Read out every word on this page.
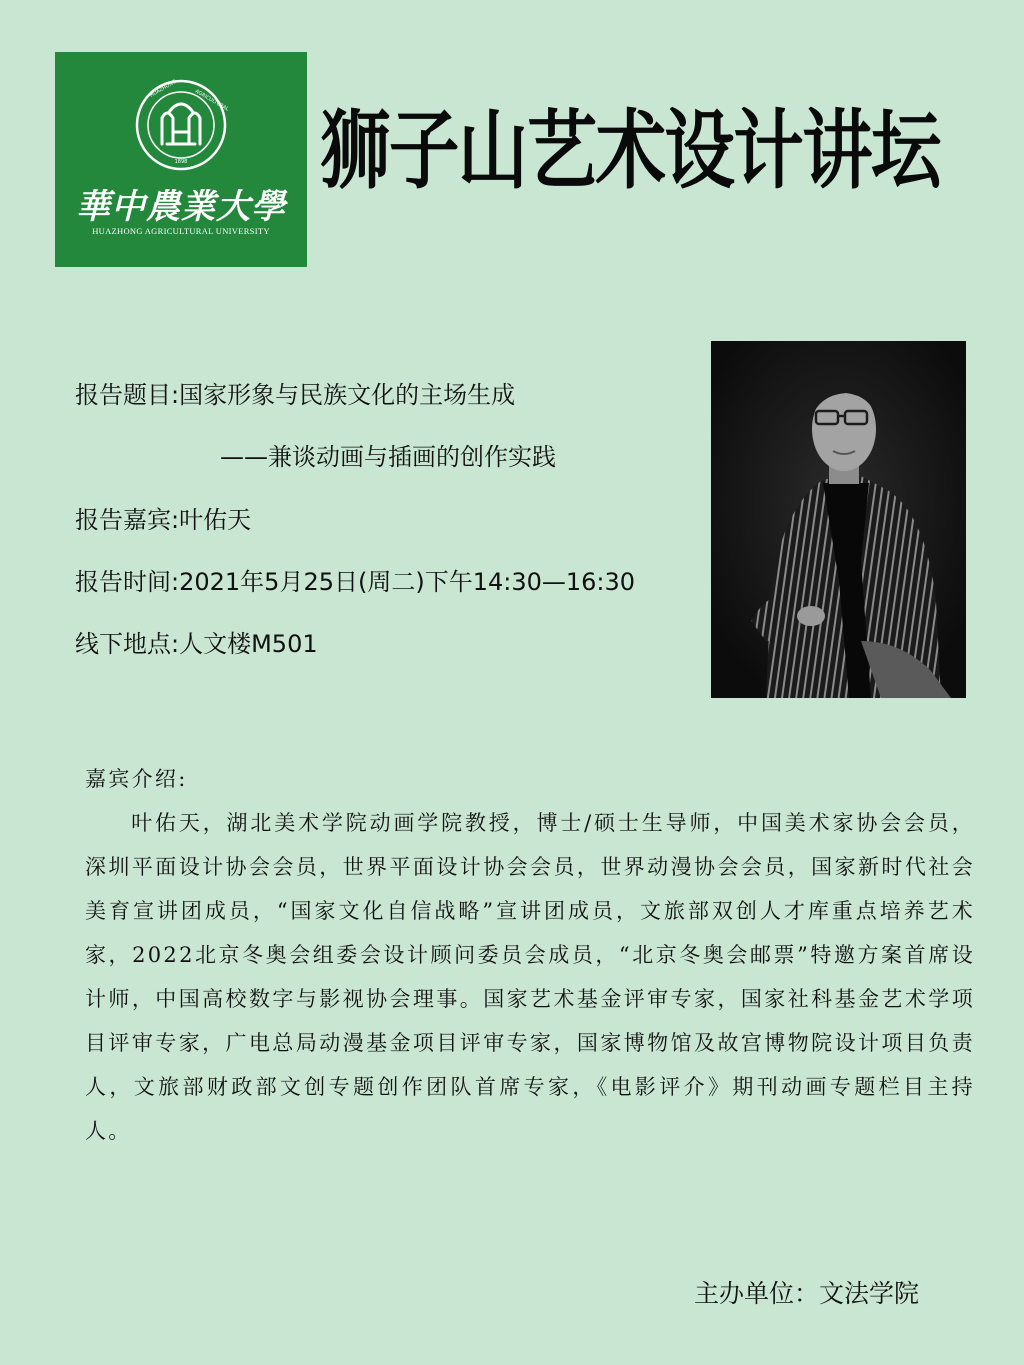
1898
HUAZHONG	AGRICULTURAL
華中農業大學
HUAZHONG AGRICULTURAL UNIVERSITY
狮子山艺术设计讲坛
报告题目:国家形象与民族文化的主场生成
——兼谈动画与插画的创作实践
报告嘉宾:叶佑天
报告时间:2021年5月25日(周二)下午14:30—16:30
线下地点:人文楼M501

嘉宾介绍:

叶佑天，湖北美术学院动画学院教授，博士/硕士生导师，中国美术家协会会员，深圳平面设计协会会员，世界平面设计协会会员，世界动漫协会会员，国家新时代社会美育宣讲团成员，“国家文化自信战略”宣讲团成员，文旅部双创人才库重点培养艺术家，2022北京冬奥会组委会设计顾问委员会成员，“北京冬奥会邮票”特邀方案首席设计师，中国高校数字与影视协会理事。国家艺术基金评审专家，国家社科基金艺术学项目评审专家，广电总局动漫基金项目评审专家，国家博物馆及故宫博物院设计项目负责人，文旅部财政部文创专题创作团队首席专家，《电影评介》期刊动画专题栏目主持人。

主办单位：文法学院
